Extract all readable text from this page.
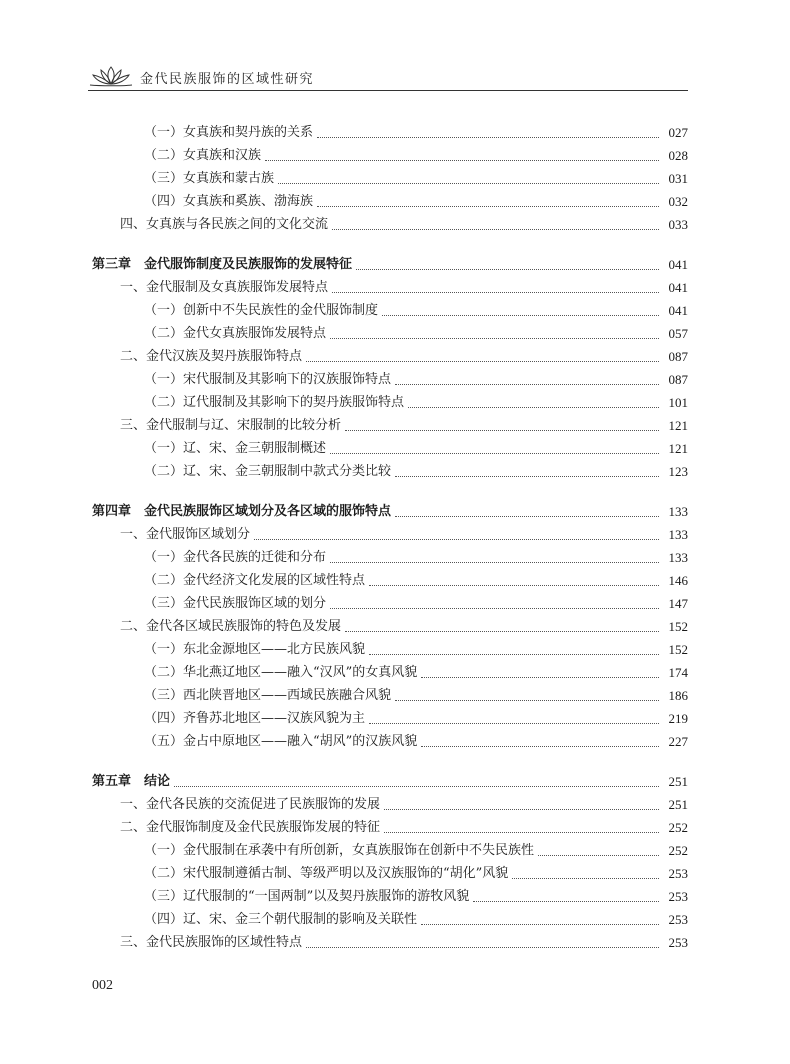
金代民族服饰的区域性研究
（一）女真族和契丹族的关系	027
（二）女真族和汉族	028
（三）女真族和蒙古族	031
（四）女真族和奚族、渤海族	032
四、女真族与各民族之间的文化交流	033
第三章　金代服饰制度及民族服饰的发展特征	041
一、金代服制及女真族服饰发展特点	041
（一）创新中不失民族性的金代服饰制度	041
（二）金代女真族服饰发展特点	057
二、金代汉族及契丹族服饰特点	087
（一）宋代服制及其影响下的汉族服饰特点	087
（二）辽代服制及其影响下的契丹族服饰特点	101
三、金代服制与辽、宋服制的比较分析	121
（一）辽、宋、金三朝服制概述	121
（二）辽、宋、金三朝服制中款式分类比较	123
第四章　金代民族服饰区域划分及各区域的服饰特点	133
一、金代服饰区域划分	133
（一）金代各民族的迁徙和分布	133
（二）金代经济文化发展的区域性特点	146
（三）金代民族服饰区域的划分	147
二、金代各区域民族服饰的特色及发展	152
（一）东北金源地区——北方民族风貌	152
（二）华北燕辽地区——融入“汉风”的女真风貌	174
（三）西北陕晋地区——西域民族融合风貌	186
（四）齐鲁苏北地区——汉族风貌为主	219
（五）金占中原地区——融入“胡风”的汉族风貌	227
第五章　结论	251
一、金代各民族的交流促进了民族服饰的发展	251
二、金代服饰制度及金代民族服饰发展的特征	252
（一）金代服制在承袭中有所创新，女真族服饰在创新中不失民族性	252
（二）宋代服制遵循古制、等级严明以及汉族服饰的“胡化”风貌	253
（三）辽代服制的“一国两制”以及契丹族服饰的游牧风貌	253
（四）辽、宋、金三个朝代服制的影响及关联性	253
三、金代民族服饰的区域性特点	253
002
